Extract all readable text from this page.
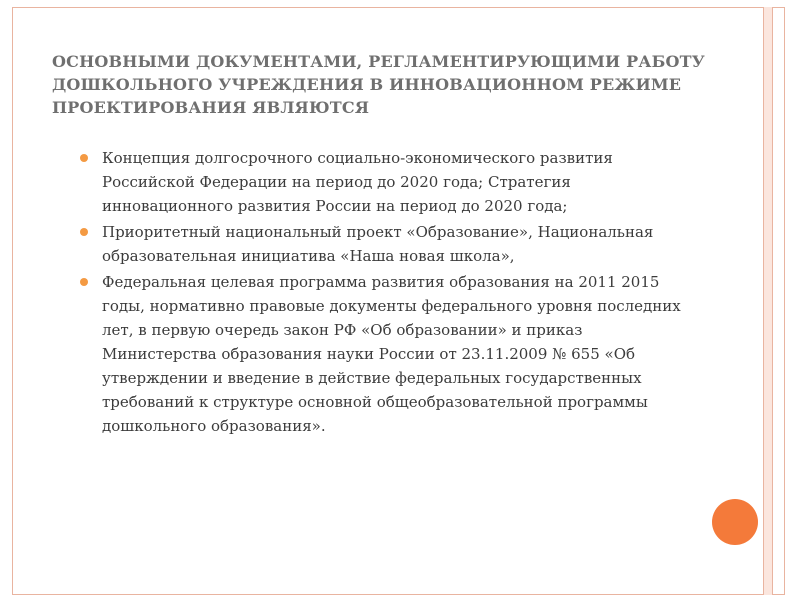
ОСНОВНЫМИ ДОКУМЕНТАМИ, РЕГЛАМЕНТИРУЮЩИМИ РАБОТУ ДОШКОЛЬНОГО УЧРЕЖДЕНИЯ В ИННОВАЦИОННОМ РЕЖИМЕ ПРОЕКТИРОВАНИЯ ЯВЛЯЮТСЯ
Концепция долгосрочного социально-экономического развития Российской Федерации на период до 2020 года; Стратегия инновационного развития России на период до 2020 года;
Приоритетный национальный проект «Образование», Национальная образовательная инициатива «Наша новая школа»,
Федеральная целевая программа развития образования на 2011 2015 годы, нормативно правовые документы федерального уровня последних лет, в первую очередь закон РФ «Об образовании» и приказ Министерства образования науки России от 23.11.2009 № 655 «Об утверждении и введение в действие федеральных государственных требований к структуре основной общеобразовательной программы дошкольного образования».
